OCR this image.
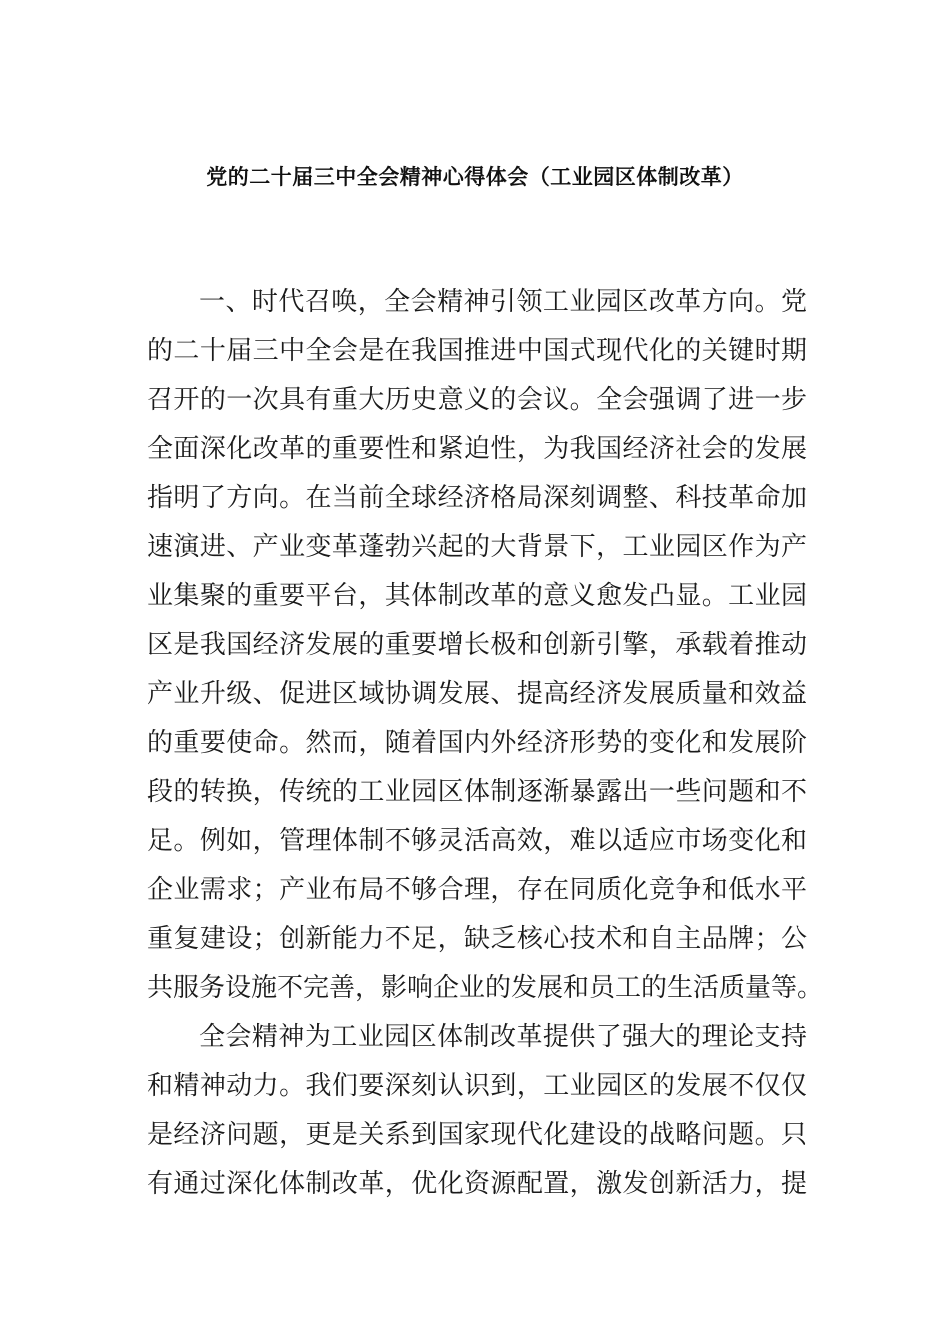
党的二十届三中全会精神心得体会（工业园区体制改革）
一、时代召唤，全会精神引领工业园区改革方向。党
的二十届三中全会是在我国推进中国式现代化的关键时期
召开的一次具有重大历史意义的会议。全会强调了进一步
全面深化改革的重要性和紧迫性，为我国经济社会的发展
指明了方向。在当前全球经济格局深刻调整、科技革命加
速演进、产业变革蓬勃兴起的大背景下，工业园区作为产
业集聚的重要平台，其体制改革的意义愈发凸显。工业园
区是我国经济发展的重要增长极和创新引擎，承载着推动
产业升级、促进区域协调发展、提高经济发展质量和效益
的重要使命。然而，随着国内外经济形势的变化和发展阶
段的转换，传统的工业园区体制逐渐暴露出一些问题和不
足。例如，管理体制不够灵活高效，难以适应市场变化和
企业需求；产业布局不够合理，存在同质化竞争和低水平
重复建设；创新能力不足，缺乏核心技术和自主品牌；公
共服务设施不完善，影响企业的发展和员工的生活质量等。
全会精神为工业园区体制改革提供了强大的理论支持
和精神动力。我们要深刻认识到，工业园区的发展不仅仅
是经济问题，更是关系到国家现代化建设的战略问题。只
有通过深化体制改革，优化资源配置，激发创新活力，提
